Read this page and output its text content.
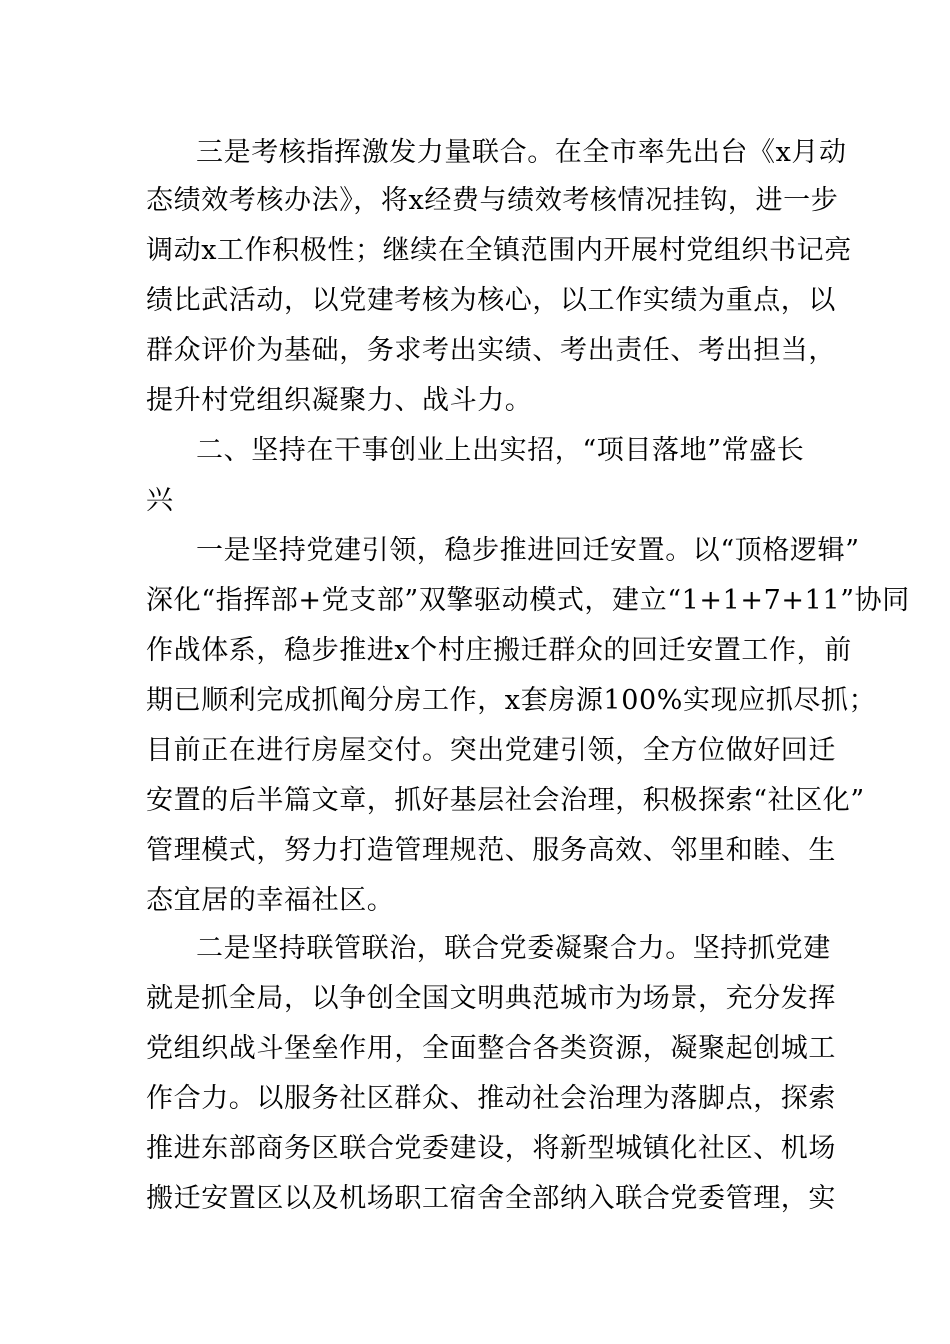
三是考核指挥激发力量联合。在全市率先出台《x月动
态绩效考核办法》，将x经费与绩效考核情况挂钩，进一步
调动x工作积极性；继续在全镇范围内开展村党组织书记亮
绩比武活动，以党建考核为核心，以工作实绩为重点，以
群众评价为基础，务求考出实绩、考出责任、考出担当，
提升村党组织凝聚力、战斗力。
二、坚持在干事创业上出实招，“项目落地”常盛长
兴
一是坚持党建引领，稳步推进回迁安置。以“顶格逻辑”
深化“指挥部+党支部”双擎驱动模式，建立“1+1+7+11”协同
作战体系，稳步推进x个村庄搬迁群众的回迁安置工作，前
期已顺利完成抓阄分房工作，x套房源100%实现应抓尽抓；
目前正在进行房屋交付。突出党建引领，全方位做好回迁
安置的后半篇文章，抓好基层社会治理，积极探索“社区化”
管理模式，努力打造管理规范、服务高效、邻里和睦、生
态宜居的幸福社区。
二是坚持联管联治，联合党委凝聚合力。坚持抓党建
就是抓全局，以争创全国文明典范城市为场景，充分发挥
党组织战斗堡垒作用，全面整合各类资源，凝聚起创城工
作合力。以服务社区群众、推动社会治理为落脚点，探索
推进东部商务区联合党委建设，将新型城镇化社区、机场
搬迁安置区以及机场职工宿舍全部纳入联合党委管理，实
